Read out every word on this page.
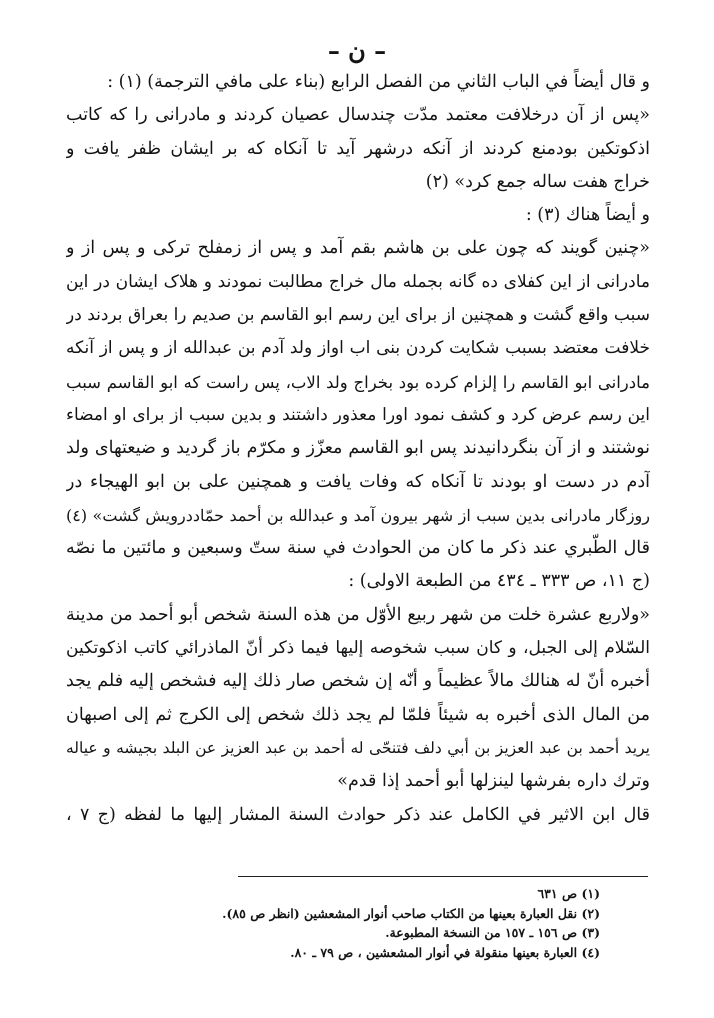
– ن –
و قال أيضاً في الباب الثاني من الفصل الرابع (بناء على مافي الترجمة) (١) :
«پس از آن درخلافت معتمد مدّت چندسال عصیان کردند و مادرانی را که کاتب
اذکوتکین بودمنع کردند از آنکه درشهر آید تا آنکاه که بر ایشان ظفر یافت و
خراج هفت ساله جمع کرد» (٢)
و أيضاً هناك (٣) :
«چنین گویند که چون علی بن هاشم بقم آمد و پس از زمفلح ترکی و پس از و
مادرانی از این کفلای ده گانه بجمله مال خراج مطالبت نمودند و هلاک ایشان در این
سبب واقع گشت و همچنین از برای این رسم ابو القاسم بن صدیم را بعراق بردند در
خلافت معتضد بسبب شکایت کردن بنی اب اواز ولد آدم بن عبدالله از و پس از آنکه
مادرانی ابو القاسم را إلزام کرده بود بخراج ولد الاب، پس راست که ابو القاسم سبب
این رسم عرض کرد و کشف نمود اورا معذور داشتند و بدین سبب از برای او امضاء
نوشتند و از آن بنگردانیدند پس ابو القاسم معزّز و مکرّم باز گردید و ضیعتهای ولد
آدم در دست او بودند تا آنکاه که وفات یافت و همچنین علی بن ابو الهیجاء در
روزگار مادرانی بدین سبب از شهر بیرون آمد و عبدالله بن أحمد حمّاددرویش گشت» (٤)
قال الطّبري عند ذكر ما كان من الحوادث في سنة ستّ وسبعين و مائتين ما نصّه
(ج ١١، ص ٣٣٣ ـ ٤٣٤ من الطبعة الاولى) :
«ولاربع عشرة خلت من شهر ربيع الأوّل من هذه السنة شخص أبو أحمد من مدينة
السّلام إلى الجبل، و كان سبب شخوصه إليها فيما ذكر أنّ الماذرائي كاتب اذكوتكين
أخبره أنّ له هنالك مالاً عظيماً و أنّه إن شخص صار ذلك إليه فشخص إليه فلم يجد
من المال الذى أخبره به شيئاً فلمّا لم يجد ذلك شخص إلى الكرج ثم إلى اصبهان
يريد أحمد بن عبد العزيز بن أبي دلف فتنحّى له أحمد بن عبد العزيز عن البلد بجيشه و عياله
وترك داره بفرشها لينزلها أبو أحمد إذا قدم»
قال ابن الاثير في الكامل عند ذكر حوادث السنة المشار إليها ما لفظه (ج ٧ ،
(١) ص ٦٣١
(٢) نقل العبارة بعينها من الكتاب صاحب أنوار المشعشين (انظر ص ٨٥).
(٣) ص ١٥٦ ـ ١٥٧ من النسخة المطبوعة.
(٤) العبارة بعينها منقولة في أنوار المشعشين ، ص ٧٩ ـ ٨٠.
